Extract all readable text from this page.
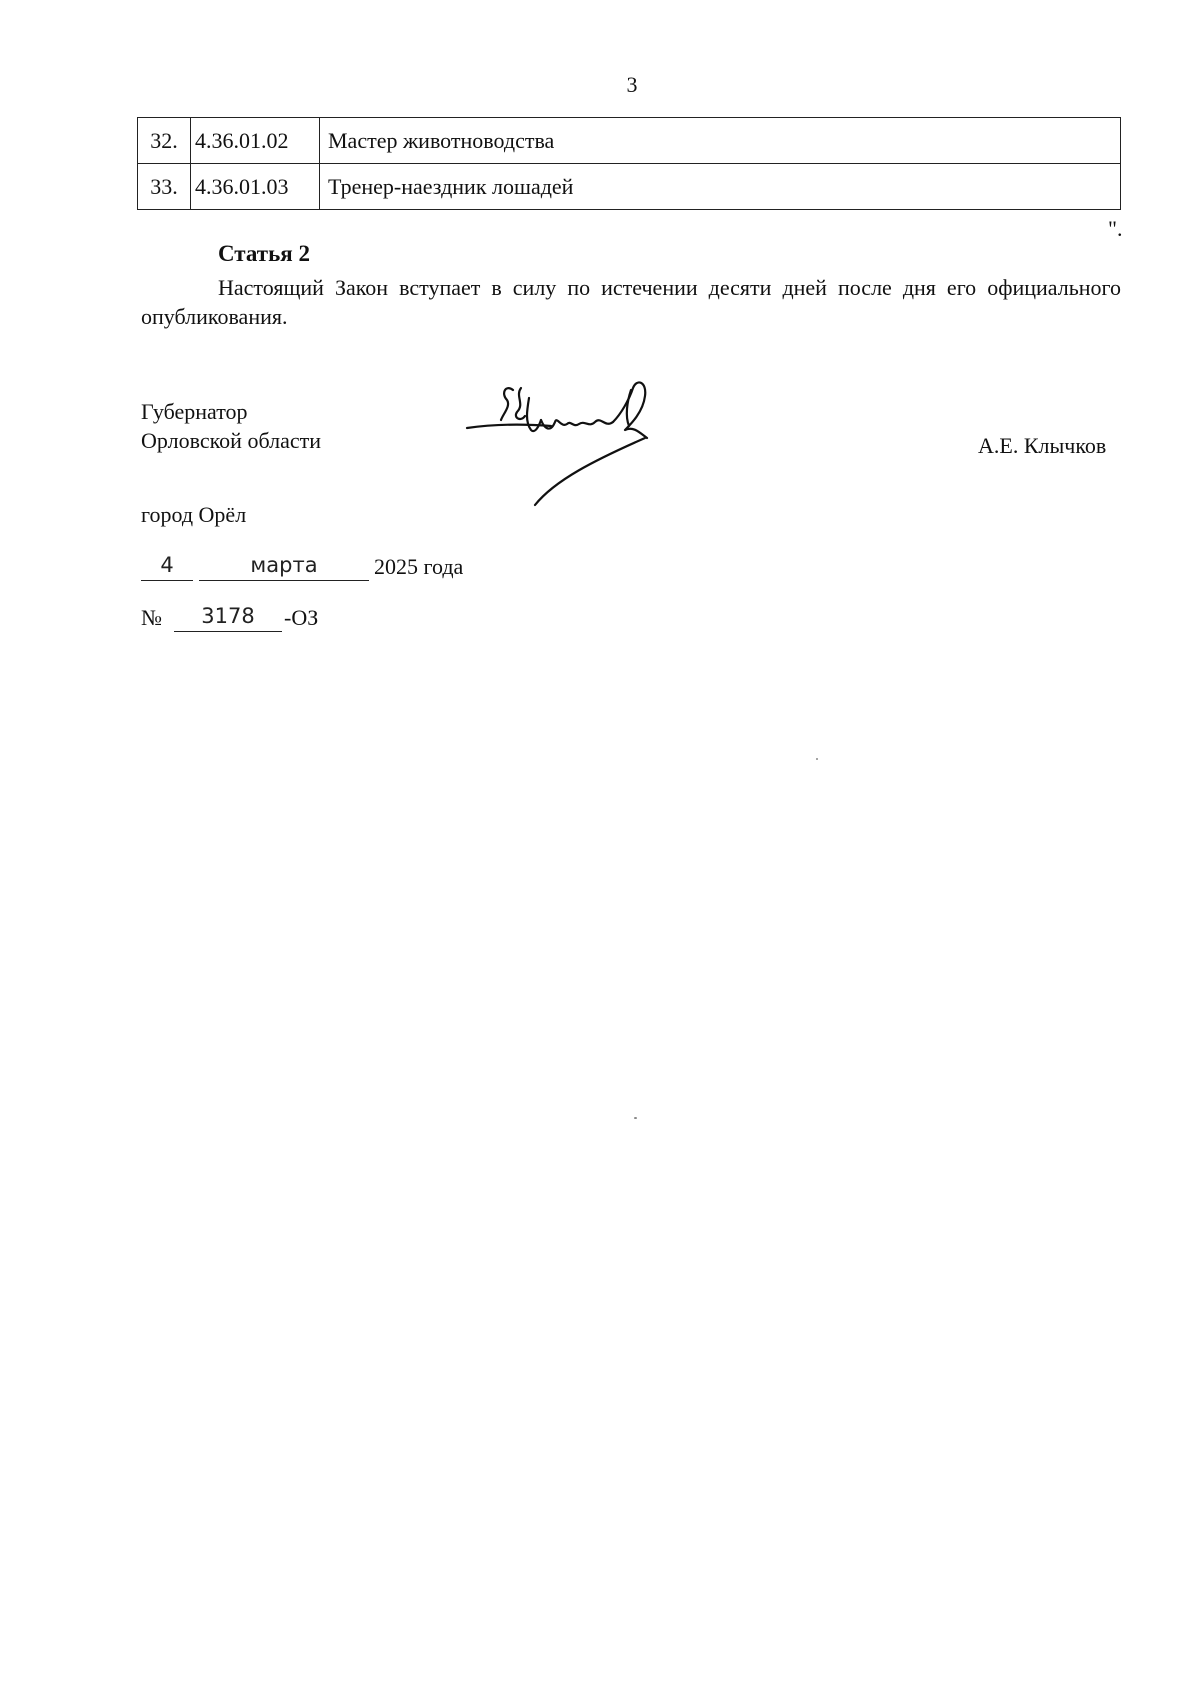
3
32.	4.36.01.02	Мастер животноводства
33.	4.36.01.03	Тренер-наездник лошадей
".
Статья 2

Настоящий Закон вступает в силу по истечении десяти дней после дня его официального опубликования.

Губернатор
Орловской области	А.Е. Клычков
город Орёл
4	марта	2025 года
№	3178	-ОЗ
